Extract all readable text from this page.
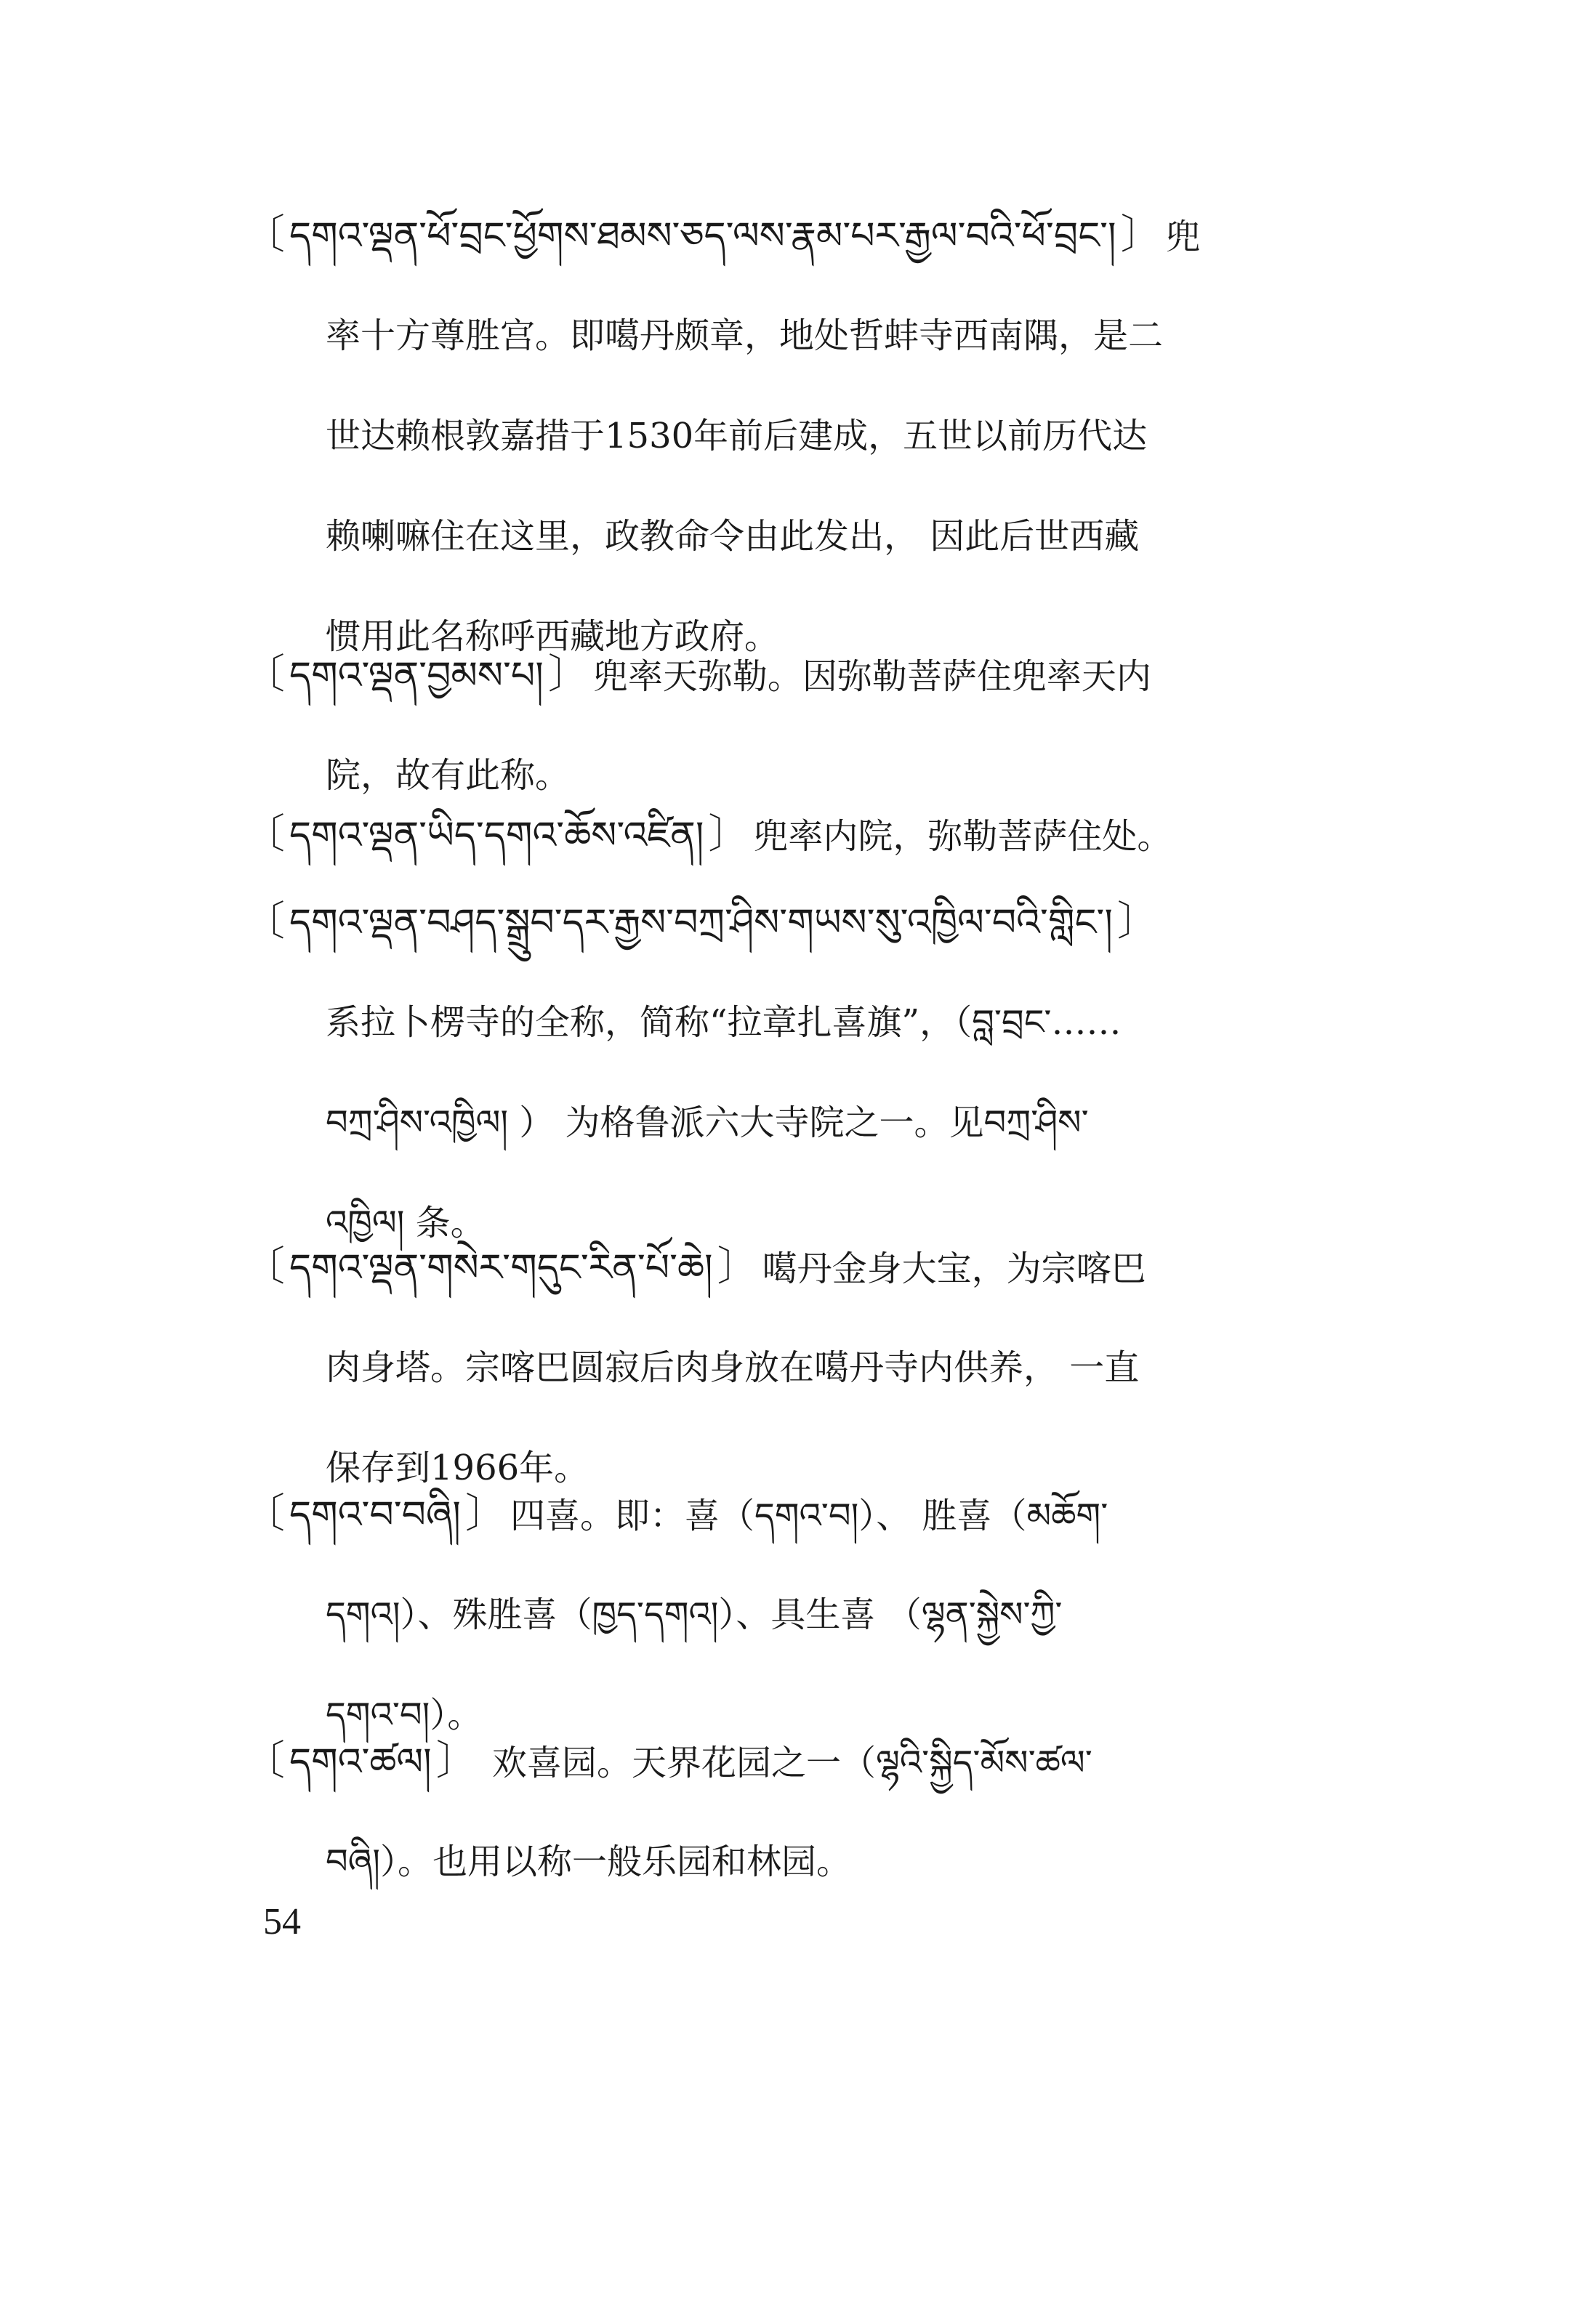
〔 དགའ་ལྡན་ཕོ་བྲང་ཕྱོགས་ཐམས་ཅད་ལས་རྣམ་པར་རྒྱལ་བའི་ཕོ་བྲང་། 〕 兜
率十方尊胜宫。即噶丹颇章，地处哲蚌寺西南隅，是二
世达赖根敦嘉措于1530年前后建成，五世以前历代达
赖喇嘛住在这里，政教命令由此发出， 因此后世西藏
惯用此名称呼西藏地方政府。
〔 དགའ་ལྡན་བྱམས་པ། 〕 兜率天弥勒。因弥勒菩萨住兜率天内
院，故有此称。
〔 དགའ་ལྡན་ཡིད་དགའ་ཆོས་འཛིན། 〕 兜率内院，弥勒菩萨住处。
〔 དགའ་ལྡན་བཤད་སྒྲུབ་དར་རྒྱས་བཀྲ་ཤིས་གཡས་སུ་འཁྱིལ་བའི་གླིང་། 〕
系拉卜楞寺的全称，简称“拉章扎喜旗”，（བླ་བྲང་……
བཀྲ་ཤིས་འཁྱིལ། ） 为格鲁派六大寺院之一。见བཀྲ་ཤིས་
འཁྱིལ། 条。
〔 དགའ་ལྡན་གསེར་གདུང་རིན་པོ་ཆེ། 〕 噶丹金身大宝，为宗喀巴
肉身塔。宗喀巴圆寂后肉身放在噶丹寺内供养， 一直
保存到1966年。
〔 དགའ་བ་བཞི། 〕 四喜。即：喜（དགའ་བ།）、 胜喜（མཆོག་
དགའ།）、殊胜喜（ཁྱད་དགའ།）、具生喜 （ལྷན་སྐྱེས་ཀྱི་
དགའ་བ།）。
〔 དགའ་ཚལ། 〕 欢喜园。天界花园之一（ལྷའི་སྐྱིད་མོས་ཚལ་
བཞི།）。也用以称一般乐园和林园。
54
